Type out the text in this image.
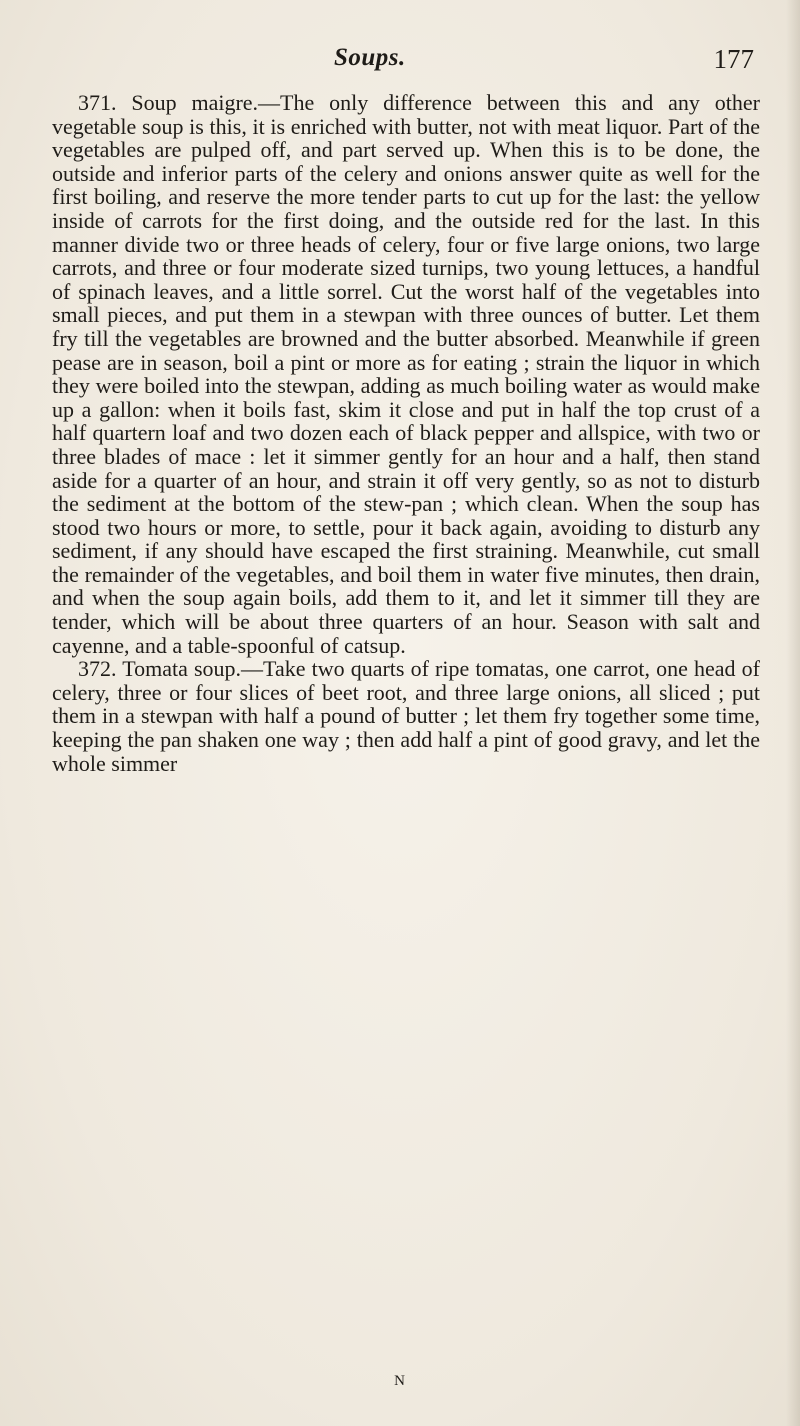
Soups.	177

371. Soup maigre.—The only difference between this and any other vegetable soup is this, it is enriched with butter, not with meat liquor. Part of the vegetables are pulped off, and part served up. When this is to be done, the outside and inferior parts of the celery and onions answer quite as well for the first boiling, and reserve the more tender parts to cut up for the last: the yellow inside of carrots for the first doing, and the outside red for the last. In this manner divide two or three heads of celery, four or five large onions, two large carrots, and three or four moderate sized turnips, two young lettuces, a handful of spinach leaves, and a little sorrel. Cut the worst half of the vegetables into small pieces, and put them in a stewpan with three ounces of butter. Let them fry till the vegetables are browned and the butter absorbed. Meanwhile if green pease are in season, boil a pint or more as for eating ; strain the liquor in which they were boiled into the stewpan, adding as much boiling water as would make up a gallon: when it boils fast, skim it close and put in half the top crust of a half quartern loaf and two dozen each of black pepper and allspice, with two or three blades of mace : let it simmer gently for an hour and a half, then stand aside for a quarter of an hour, and strain it off very gently, so as not to disturb the sediment at the bottom of the stew-pan ; which clean. When the soup has stood two hours or more, to settle, pour it back again, avoiding to disturb any sediment, if any should have escaped the first straining. Meanwhile, cut small the remainder of the vegetables, and boil them in water five minutes, then drain, and when the soup again boils, add them to it, and let it simmer till they are tender, which will be about three quarters of an hour. Season with salt and cayenne, and a table-spoonful of catsup.

372. Tomata soup.—Take two quarts of ripe tomatas, one carrot, one head of celery, three or four slices of beet root, and three large onions, all sliced ; put them in a stewpan with half a pound of butter ; let them fry together some time, keeping the pan shaken one way ; then add half a pint of good gravy, and let the whole simmer

N
